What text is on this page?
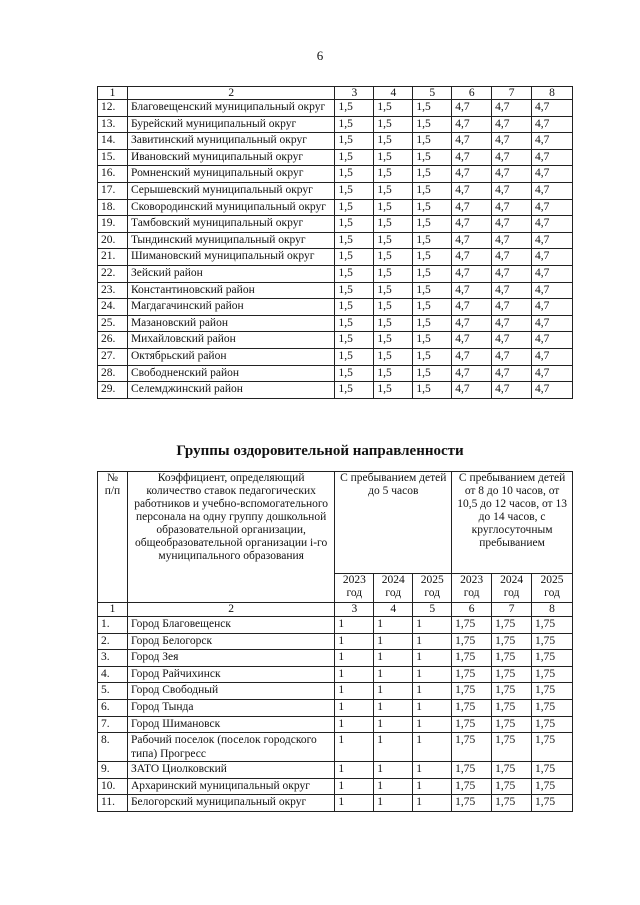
6
1	2	3	4	5	6	7	8
12.	Благовещенский муниципальный округ	1,5	1,5	1,5	4,7	4,7	4,7
13.	Бурейский муниципальный округ	1,5	1,5	1,5	4,7	4,7	4,7
14.	Завитинский муниципальный округ	1,5	1,5	1,5	4,7	4,7	4,7
15.	Ивановский муниципальный округ	1,5	1,5	1,5	4,7	4,7	4,7
16.	Ромненский муниципальный округ	1,5	1,5	1,5	4,7	4,7	4,7
17.	Серышевский муниципальный округ	1,5	1,5	1,5	4,7	4,7	4,7
18.	Сковородинский муниципальный округ	1,5	1,5	1,5	4,7	4,7	4,7
19.	Тамбовский муниципальный округ	1,5	1,5	1,5	4,7	4,7	4,7
20.	Тындинский муниципальный округ	1,5	1,5	1,5	4,7	4,7	4,7
21.	Шимановский муниципальный округ	1,5	1,5	1,5	4,7	4,7	4,7
22.	Зейский район	1,5	1,5	1,5	4,7	4,7	4,7
23.	Константиновский район	1,5	1,5	1,5	4,7	4,7	4,7
24.	Магдагачинский район	1,5	1,5	1,5	4,7	4,7	4,7
25.	Мазановский район	1,5	1,5	1,5	4,7	4,7	4,7
26.	Михайловский район	1,5	1,5	1,5	4,7	4,7	4,7
27.	Октябрьский район	1,5	1,5	1,5	4,7	4,7	4,7
28.	Свободненский район	1,5	1,5	1,5	4,7	4,7	4,7
29.	Селемджинский район	1,5	1,5	1,5	4,7	4,7	4,7
Группы оздоровительной направленности
№ п/п	Коэффициент, определяющий количество ставок педагогических работников и учебно-вспомогательного персонала на одну группу дошкольной образовательной организации, общеобразовательной организации i-го муниципального образования	С пребыванием детей до 5 часов			С пребыванием детей от 8 до 10 часов, от 10,5 до 12 часов, от 13 до 14 часов, с круглосуточным пребыванием		
		2023 год	2024 год	2025 год	2023 год	2024 год	2025 год
1	2	3	4	5	6	7	8
1.	Город Благовещенск	1	1	1	1,75	1,75	1,75
2.	Город Белогорск	1	1	1	1,75	1,75	1,75
3.	Город Зея	1	1	1	1,75	1,75	1,75
4.	Город Райчихинск	1	1	1	1,75	1,75	1,75
5.	Город Свободный	1	1	1	1,75	1,75	1,75
6.	Город Тында	1	1	1	1,75	1,75	1,75
7.	Город Шимановск	1	1	1	1,75	1,75	1,75
8.	Рабочий поселок (поселок городского типа) Прогресс	1	1	1	1,75	1,75	1,75
9.	ЗАТО Циолковский	1	1	1	1,75	1,75	1,75
10.	Архаринский муниципальный округ	1	1	1	1,75	1,75	1,75
11.	Белогорский муниципальный округ	1	1	1	1,75	1,75	1,75
